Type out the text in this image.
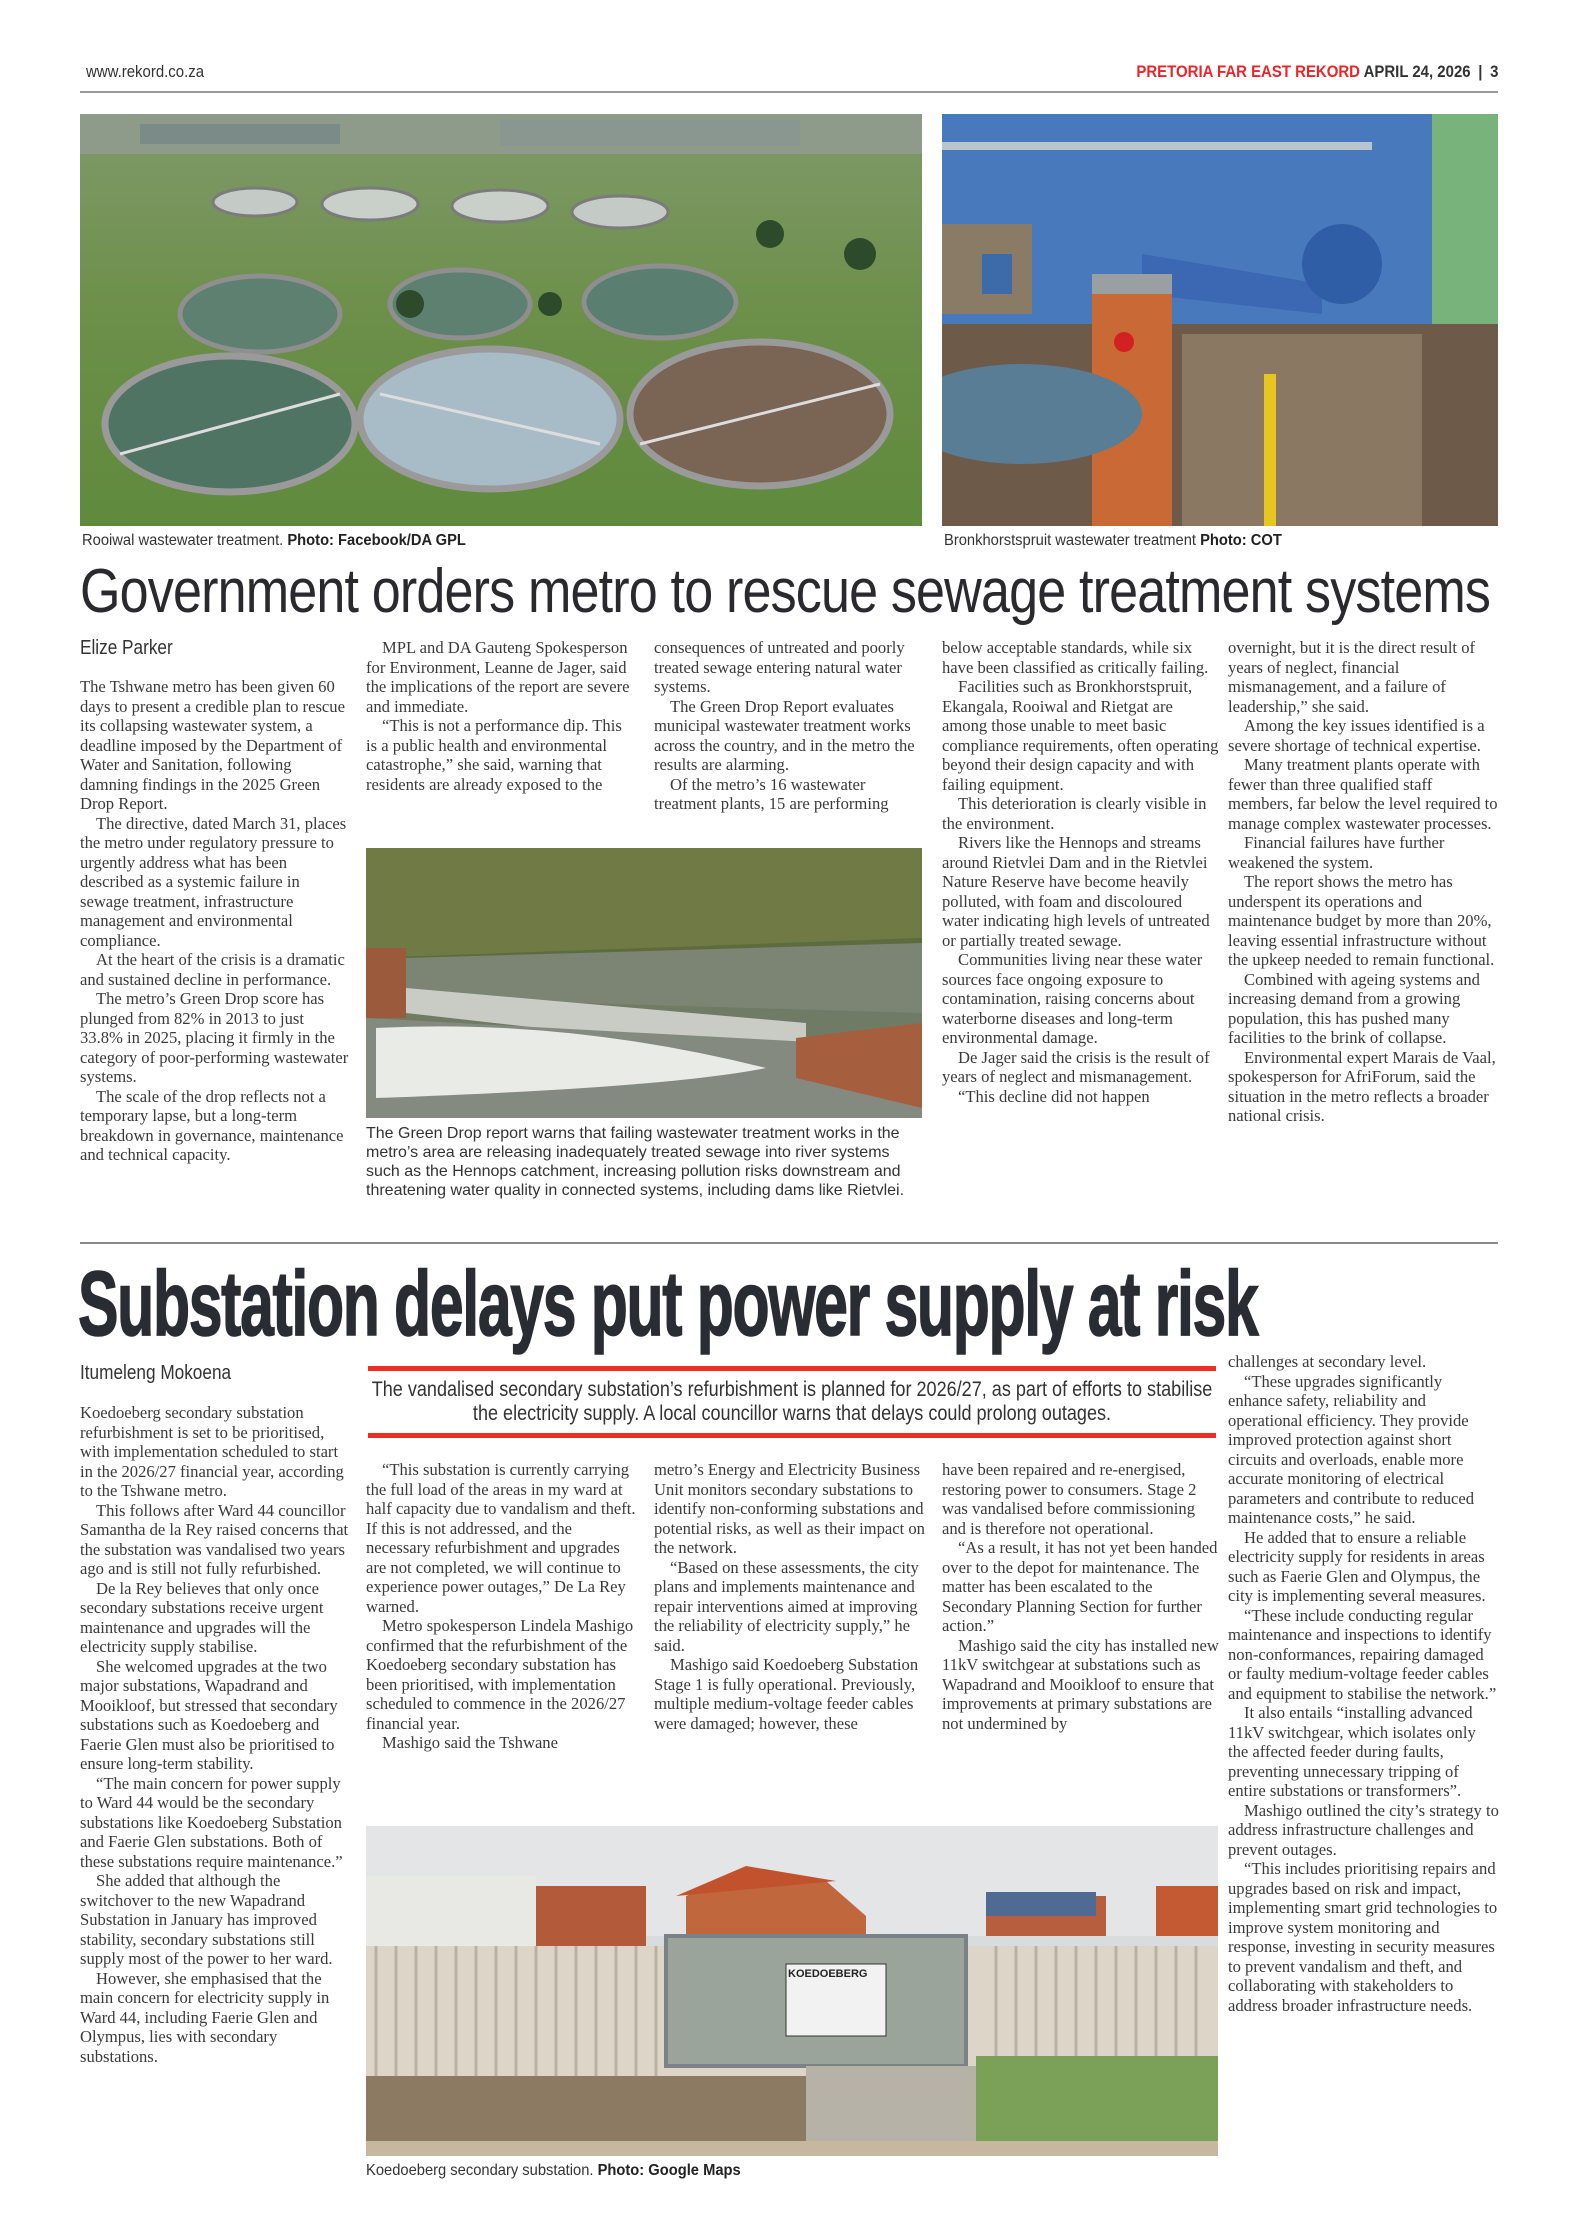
www.rekord.co.za	PRETORIA FAR EAST REKORD APRIL 24, 2026 | 3
Rooiwal wastewater treatment. Photo: Facebook/DA GPL	Bronkhorstspruit wastewater treatment Photo: COT
Government orders metro to rescue sewage treatment systems
Elize Parker

The Tshwane metro has been given 60 days to present a credible plan to rescue its collapsing wastewater system, a deadline imposed by the Department of Water and Sanitation, following damning findings in the 2025 Green Drop Report.

The directive, dated March 31, places the metro under regulatory pressure to urgently address what has been described as a systemic failure in sewage treatment, infrastructure management and environmental compliance.

At the heart of the crisis is a dramatic and sustained decline in performance.

The metro’s Green Drop score has plunged from 82% in 2013 to just 33.8% in 2025, placing it firmly in the category of poor-performing wastewater systems.

The scale of the drop reflects not a temporary lapse, but a long-term breakdown in governance, maintenance and technical capacity.

MPL and DA Gauteng Spokesperson for Environment, Leanne de Jager, said the implications of the report are severe and immediate.

“This is not a performance dip. This is a public health and environmental catastrophe,” she said, warning that residents are already exposed to the

consequences of untreated and poorly treated sewage entering natural water systems.

The Green Drop Report evaluates municipal wastewater treatment works across the country, and in the metro the results are alarming.

Of the metro’s 16 wastewater treatment plants, 15 are performing

The Green Drop report warns that failing wastewater treatment works in the metro’s area are releasing inadequately treated sewage into river systems such as the Hennops catchment, increasing pollution risks downstream and threatening water quality in connected systems, including dams like Rietvlei.

below acceptable standards, while six have been classified as critically failing.

Facilities such as Bronkhorstspruit, Ekangala, Rooiwal and Rietgat are among those unable to meet basic compliance requirements, often operating beyond their design capacity and with failing equipment.

This deterioration is clearly visible in the environment.

Rivers like the Hennops and streams around Rietvlei Dam and in the Rietvlei Nature Reserve have become heavily polluted, with foam and discoloured water indicating high levels of untreated or partially treated sewage.

Communities living near these water sources face ongoing exposure to contamination, raising concerns about waterborne diseases and long-term environmental damage.

De Jager said the crisis is the result of years of neglect and mismanagement.

“This decline did not happen

overnight, but it is the direct result of years of neglect, financial mismanagement, and a failure of leadership,” she said.

Among the key issues identified is a severe shortage of technical expertise.

Many treatment plants operate with fewer than three qualified staff members, far below the level required to manage complex wastewater processes.

Financial failures have further weakened the system.

The report shows the metro has underspent its operations and maintenance budget by more than 20%, leaving essential infrastructure without the upkeep needed to remain functional.

Combined with ageing systems and increasing demand from a growing population, this has pushed many facilities to the brink of collapse.

Environmental expert Marais de Vaal, spokesperson for AfriForum, said the situation in the metro reflects a broader national crisis.

Substation delays put power supply at risk
Itumeleng Mokoena
The vandalised secondary substation’s refurbishment is planned for 2026/27, as part of efforts to stabilise the electricity supply. A local councillor warns that delays could prolong outages.

Koedoeberg secondary substation refurbishment is set to be prioritised, with implementation scheduled to start in the 2026/27 financial year, according to the Tshwane metro.

This follows after Ward 44 councillor Samantha de la Rey raised concerns that the substation was vandalised two years ago and is still not fully refurbished.

De la Rey believes that only once secondary substations receive urgent maintenance and upgrades will the electricity supply stabilise.

She welcomed upgrades at the two major substations, Wapadrand and Mooikloof, but stressed that secondary substations such as Koedoeberg and Faerie Glen must also be prioritised to ensure long-term stability.

“The main concern for power supply to Ward 44 would be the secondary substations like Koedoeberg Substation and Faerie Glen substations. Both of these substations require maintenance.”

She added that although the switchover to the new Wapadrand Substation in January has improved stability, secondary substations still supply most of the power to her ward.

However, she emphasised that the main concern for electricity supply in Ward 44, including Faerie Glen and Olympus, lies with secondary substations.

“This substation is currently carrying the full load of the areas in my ward at half capacity due to vandalism and theft. If this is not addressed, and the necessary refurbishment and upgrades are not completed, we will continue to experience power outages,” De La Rey warned.

Metro spokesperson Lindela Mashigo confirmed that the refurbishment of the Koedoeberg secondary substation has been prioritised, with implementation scheduled to commence in the 2026/27 financial year.

Mashigo said the Tshwane

metro’s Energy and Electricity Business Unit monitors secondary substations to identify non-conforming substations and potential risks, as well as their impact on the network.

“Based on these assessments, the city plans and implements maintenance and repair interventions aimed at improving the reliability of electricity supply,” he said.

Mashigo said Koedoeberg Substation Stage 1 is fully operational. Previously, multiple medium-voltage feeder cables were damaged; however, these

have been repaired and re-energised, restoring power to consumers. Stage 2 was vandalised before commissioning and is therefore not operational.

“As a result, it has not yet been handed over to the depot for maintenance. The matter has been escalated to the Secondary Planning Section for further action.”

Mashigo said the city has installed new 11kV switchgear at substations such as Wapadrand and Mooikloof to ensure that improvements at primary substations are not undermined by

challenges at secondary level.

“These upgrades significantly enhance safety, reliability and operational efficiency. They provide improved protection against short circuits and overloads, enable more accurate monitoring of electrical parameters and contribute to reduced maintenance costs,” he said.

He added that to ensure a reliable electricity supply for residents in areas such as Faerie Glen and Olympus, the city is implementing several measures.

“These include conducting regular maintenance and inspections to identify non-conformances, repairing damaged or faulty medium-voltage feeder cables and equipment to stabilise the network.”

It also entails “installing advanced 11kV switchgear, which isolates only the affected feeder during faults, preventing unnecessary tripping of entire substations or transformers”.

Mashigo outlined the city’s strategy to address infrastructure challenges and prevent outages.

“This includes prioritising repairs and upgrades based on risk and impact, implementing smart grid technologies to improve system monitoring and response, investing in security measures to prevent vandalism and theft, and collaborating with stakeholders to address broader infrastructure needs.

KOEDOEBERG
Koedoeberg secondary substation. Photo: Google Maps
